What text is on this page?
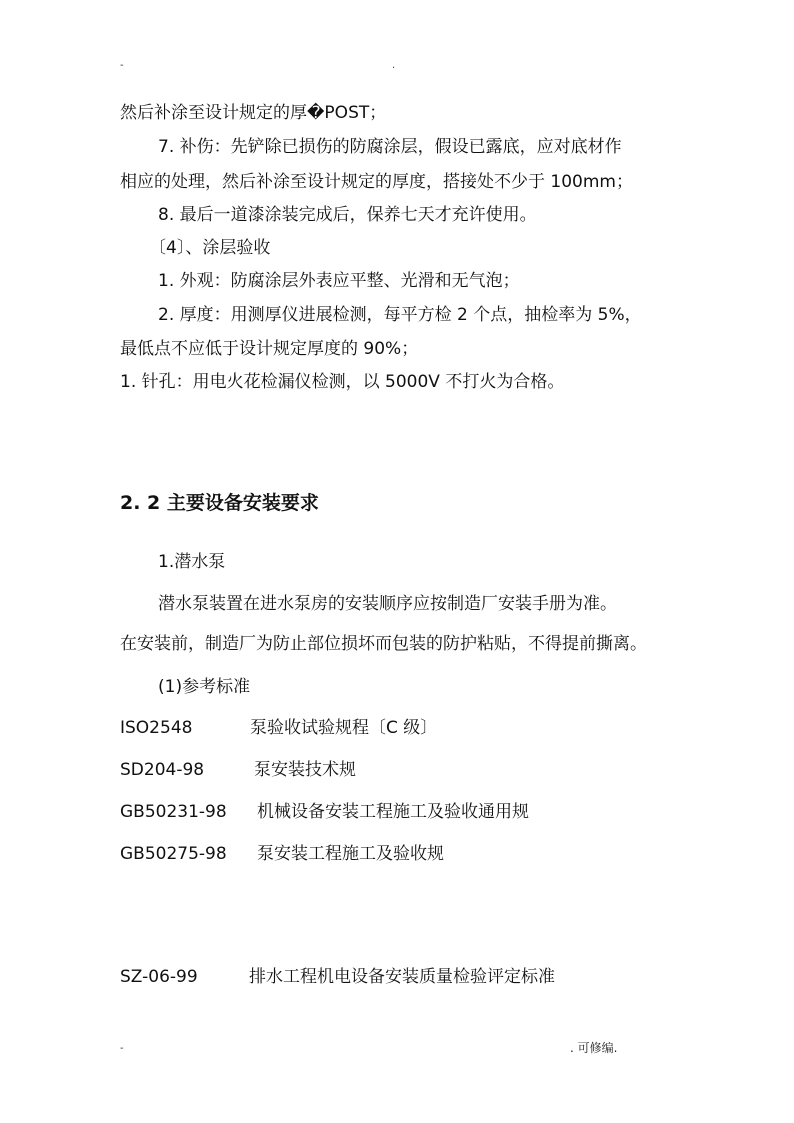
-	.
然后补涂至设计规定的厚�POST；
7. 补伤：先铲除已损伤的防腐涂层，假设已露底，应对底材作
相应的处理，然后补涂至设计规定的厚度，搭接处不少于 100mm；
8. 最后一道漆涂装完成后，保养七天才充许使用。
〔4〕、涂层验收
1. 外观：防腐涂层外表应平整、光滑和无气泡；
2. 厚度：用测厚仪进展检测，每平方检 2 个点，抽检率为 5%，
最低点不应低于设计规定厚度的 90%；
1. 针孔：用电火花检漏仪检测，以 5000V 不打火为合格。
2. 2 主要设备安装要求
1.潜水泵
潜水泵装置在进水泵房的安装顺序应按制造厂安装手册为准。
在安装前，制造厂为防止部位损坏而包装的防护粘贴，不得提前撕离。
(1)参考标准
ISO2548	泵验收试验规程〔C 级〕
SD204-98	泵安装技术规
GB50231-98 机械设备安装工程施工及验收通用规
GB50275-98 泵安装工程施工及验收规
SZ-06-99	排水工程机电设备安装质量检验评定标准
-	. 可修编.
